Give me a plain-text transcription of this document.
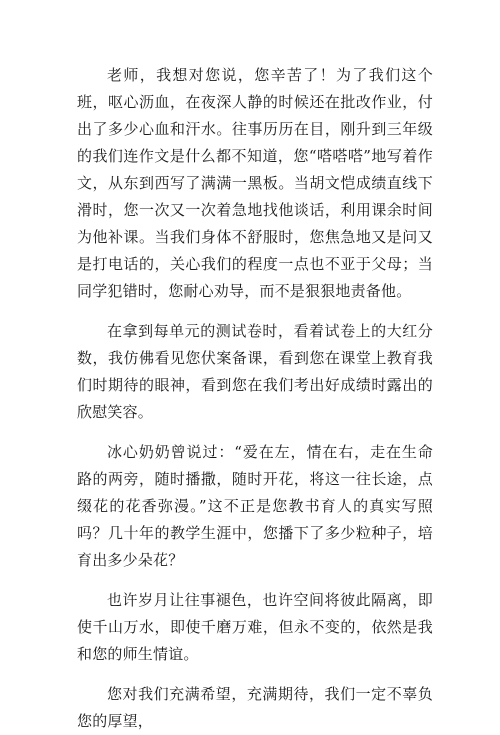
老师，我想对您说，您辛苦了！为了我们这个班，呕心沥血，在夜深人静的时候还在批改作业，付出了多少心血和汗水。往事历历在目，刚升到三年级的我们连作文是什么都不知道，您“嗒嗒嗒”地写着作文，从东到西写了满满一黑板。当胡文恺成绩直线下滑时，您一次又一次着急地找他谈话，利用课余时间为他补课。当我们身体不舒服时，您焦急地又是问又是打电话的，关心我们的程度一点也不亚于父母；当同学犯错时，您耐心劝导，而不是狠狠地责备他。

在拿到每单元的测试卷时，看着试卷上的大红分数，我仿佛看见您伏案备课，看到您在课堂上教育我们时期待的眼神，看到您在我们考出好成绩时露出的欣慰笑容。

冰心奶奶曾说过：“爱在左，情在右，走在生命路的两旁，随时播撒，随时开花，将这一往长途，点缀花的花香弥漫。”这不正是您教书育人的真实写照吗？几十年的教学生涯中，您播下了多少粒种子，培育出多少朵花？

也许岁月让往事褪色，也许空间将彼此隔离，即使千山万水，即使千磨万难，但永不变的，依然是我和您的师生情谊。

您对我们充满希望，充满期待，我们一定不辜负您的厚望，
